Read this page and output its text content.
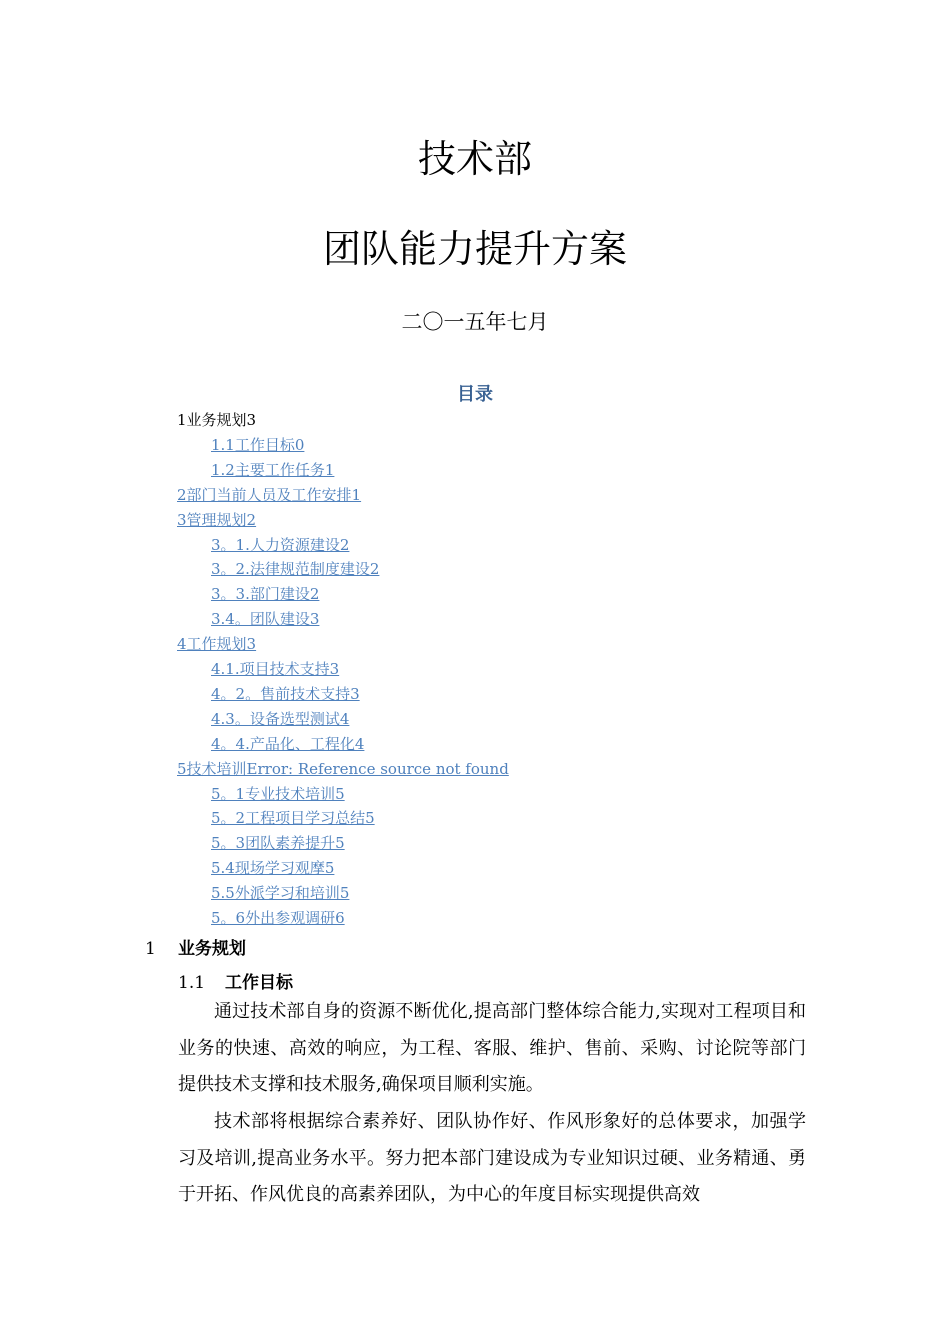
技术部
团队能力提升方案
二〇一五年七月
目录
1业务规划3
1.1工作目标0
1.2主要工作任务1
2部门当前人员及工作安排1
3管理规划2
3。1.人力资源建设2
3。2.法律规范制度建设2
3。3.部门建设2
3.4。团队建设3
4工作规划3
4.1.项目技术支持3
4。2。售前技术支持3
4.3。设备选型测试4
4。4.产品化、工程化4
5技术培训Error: Reference source not found
5。1专业技术培训5
5。2工程项目学习总结5
5。3团队素养提升5
5.4现场学习观摩5
5.5外派学习和培训5
5。6外出参观调研6
1 业务规划
1.1 工作目标

通过技术部自身的资源不断优化,提高部门整体综合能力,实现对工程项目和业务的快速、高效的响应，为工程、客服、维护、售前、采购、讨论院等部门提供技术支撑和技术服务,确保项目顺利实施。

技术部将根据综合素养好、团队协作好、作风形象好的总体要求，加强学习及培训,提高业务水平。努力把本部门建设成为专业知识过硬、业务精通、勇于开拓、作风优良的高素养团队，为中心的年度目标实现提供高效
